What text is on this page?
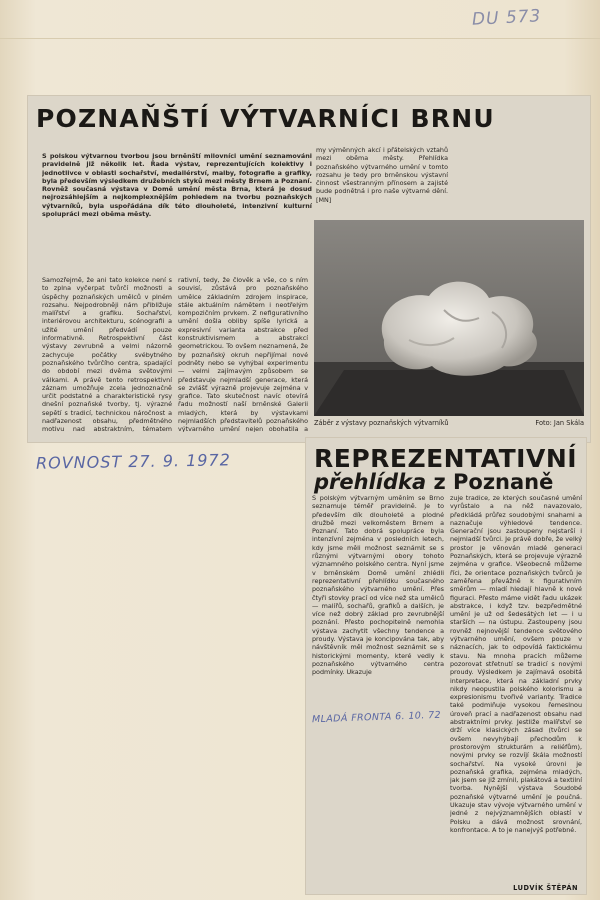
DU 573
POZNAŇŠTÍ VÝTVARNÍCI BRNU
S polskou výtvarnou tvorbou jsou brněnští milovníci umění seznamováni pravidelně již několik let. Řada výstav, reprezentujících kolektivy i jednotlivce v oblasti sochařství, medailérství, malby, fotografie a grafiky, byla především výsledkem družebních styků mezi městy Brnem a Poznaní. Rovněž současná výstava v Domě umění města Brna, která je dosud nejrozsáhlejším a nejkomplexnějším pohledem na tvorbu poznaňských výtvarníků, byla uspořádána dík této dlouholeté, intenzivní kulturní spolupráci mezi oběma městy.
Samozřejmě, že ani tato kolekce není s to zplna vyčerpat tvůrčí možnosti a úspěchy poznaňských umělců v plném rozsahu. Nejpodrobněji nám přibližuje malířství a grafiku. Sochařství, interiérovou architekturu, scénografii a užité umění předvádí pouze informativně. Retrospektivní část výstavy zevrubně a velmi názorně zachycuje počátky svébytného poznaňského tvůrčího centra, spadající do období mezi dvěma světovými válkami. A právě tento retrospektivní záznam umožňuje zcela jednoznačně určit podstatné a charakteristické rysy dnešní poznaňské tvorby, tj. výrazné sepětí s tradicí, technickou náročnost a nadřazenost obsahu, předmětného motivu nad abstraktním, tématem
rativní, tedy, že člověk a vše, co s ním souvisí, zůstává pro poznaňského umělce základním zdrojem inspirace, stále aktuálním námětem i neotřelým kompozičním prvkem. Z nefigurativního umění došla obliby spíše lyrická a expresivní varianta abstrakce před konstruktivismem a abstrakcí geometrickou. To ovšem neznamená, že by poznaňský okruh nepřijímal nové podněty nebo se vyhýbal experimentu — velmi zajímavým způsobem se představuje nejmladší generace, která se zvlášť výrazně projevuje zejména v grafice. Tato skutečnost navíc otevírá řadu možností naší brněnské Galerii mladých, která by výstavkami nejmladších představitelů poznaňského výtvarného umění nejen obohatila a
my výměnných akcí i přátelských vztahů mezi oběma městy. Přehlídka poznaňského výtvarného umění v tomto rozsahu je tedy pro brněnskou výstavní činnost všestranným přínosem a zajisté bude podnětná i pro naše výtvarné dění. [MN]
Záběr z výstavy poznaňských výtvarníků	Foto: Jan Skála
ROVNOST 27. 9. 1972	REPREZENTATIVNÍ
přehlídka z Poznaně
S polským výtvarným uměním se Brno seznamuje téměř pravidelně. Je to především dík dlouholeté a plodné družbě mezi velkoměstem Brnem a Poznaní. Tato dobrá spolupráce byla intenzívní zejména v posledních letech, kdy jsme měli možnost seznámit se s různými výtvarnými obory tohoto významného polského centra. Nyní jsme v brněnském Domě umění zhlédli reprezentativní přehlídku současného poznaňského výtvarného umění. Přes čtyři stovky prací od více než sta umělců — malířů, sochařů, grafiků a dalších, je více než dobrý základ pro zevrubnější poznání. Přesto pochopitelně nemohla výstava zachytit všechny tendence a proudy. Výstava je koncipována tak, aby návštěvník měl možnost seznámit se s historickými momenty, které vedly k poznaňského výtvarného centra podmínky. Ukazuje
zuje tradice, ze kterých současné umění vyrůstalo a na něž navazovalo, předkládá průřez soudobými snahami a naznačuje výhledové tendence. Generační jsou zastoupeny nejstarší i nejmladší tvůrci. Je právě dobře, že velký prostor je věnován mladé generaci Poznaňských, která se projevuje výrazně zejména v grafice. Všeobecně můžeme říci, že orientace poznaňských tvůrců je zaměřena převážně k figurativním směrům — mladí hledají hlavně k nové figuraci. Přesto máme vidět řadu ukázek abstrakce, i když tzv. bezpředmětné umění je už od šedesátých let — i u starších — na ústupu. Zastoupeny jsou rovněž nejnovější tendence světového výtvarného umění, ovšem pouze v náznacích, jak to odpovídá faktickému stavu. Na mnoha pracích můžeme pozorovat střetnutí se tradicí s novými proudy. Výsledkem je zajímavá osobitá interpretace, která na základní prvky nikdy neopustila polského kolorismu a expresionismu tvořivé varianty. Tradice také podmiňuje vysokou řemeslnou úroveň prací a nadřazenost obsahu nad abstraktními prvky. Jestliže malířství se drží více klasických zásad (tvůrci se ovšem nevyhýbají přechodům k prostorovým strukturám a reliéfům), novými prvky se rozvíjí škála možností sochařství. Na vysoké úrovni je poznaňská grafika, zejména mladých, jak jsem se již zmínil, plakátová a textilní tvorba. Nynější výstava Soudobé poznaňské výtvarné umění je poučná. Ukazuje stav vývoje výtvarného umění v jedné z nejvýznamnějších oblastí v Polsku a dává možnost srovnání, konfrontace. A to je nanejvýš potřebné.
LUDVÍK ŠTĚPÁN
MLADÁ FRONTA 6. 10. 72
